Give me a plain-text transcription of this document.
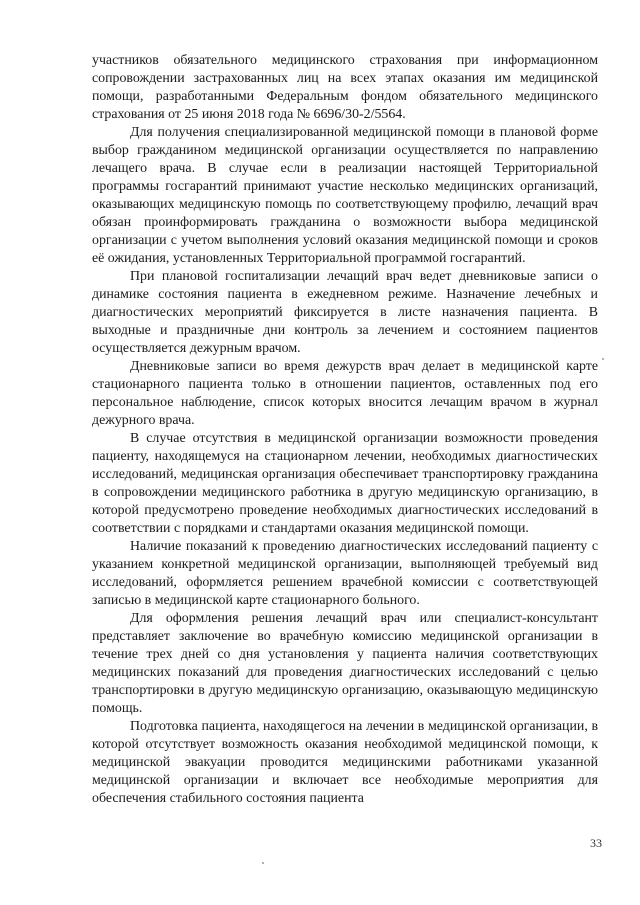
участников обязательного медицинского страхования при информационном сопровождении застрахованных лиц на всех этапах оказания им медицинской помощи, разработанными Федеральным фондом обязательного медицинского страхования от 25 июня 2018 года № 6696/30-2/5564.

Для получения специализированной медицинской помощи в плановой форме выбор гражданином медицинской организации осуществляется по направлению лечащего врача. В случае если в реализации настоящей Территориальной программы госгарантий принимают участие несколько медицинских организаций, оказывающих медицинскую помощь по соответствующему профилю, лечащий врач обязан проинформировать гражданина о возможности выбора медицинской организации с учетом выполнения условий оказания медицинской помощи и сроков её ожидания, установленных Территориальной программой госгарантий.

При плановой госпитализации лечащий врач ведет дневниковые записи о динамике состояния пациента в ежедневном режиме. Назначение лечебных и диагностических мероприятий фиксируется в листе назначения пациента. В выходные и праздничные дни контроль за лечением и состоянием пациентов осуществляется дежурным врачом.

Дневниковые записи во время дежурств врач делает в медицинской карте стационарного пациента только в отношении пациентов, оставленных под его персональное наблюдение, список которых вносится лечащим врачом в журнал дежурного врача.

В случае отсутствия в медицинской организации возможности проведения пациенту, находящемуся на стационарном лечении, необходимых диагностических исследований, медицинская организация обеспечивает транспортировку гражданина в сопровождении медицинского работника в другую медицинскую организацию, в которой предусмотрено проведение необходимых диагностических исследований в соответствии с порядками и стандартами оказания медицинской помощи.

Наличие показаний к проведению диагностических исследований пациенту с указанием конкретной медицинской организации, выполняющей требуемый вид исследований, оформляется решением врачебной комиссии с соответствующей записью в медицинской карте стационарного больного.

Для оформления решения лечащий врач или специалист-консультант представляет заключение во врачебную комиссию медицинской организации в течение трех дней со дня установления у пациента наличия соответствующих медицинских показаний для проведения диагностических исследований с целью транспортировки в другую медицинскую организацию, оказывающую медицинскую помощь.

Подготовка пациента, находящегося на лечении в медицинской организации, в которой отсутствует возможность оказания необходимой медицинской помощи, к медицинской эвакуации проводится медицинскими работниками указанной медицинской организации и включает все необходимые мероприятия для обеспечения стабильного состояния пациента

33
